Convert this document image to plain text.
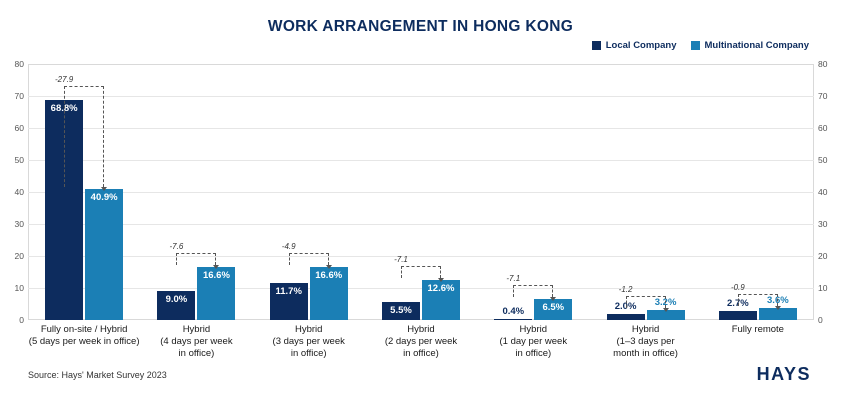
WORK ARRANGEMENT IN HONG KONG
Local Company	Multinational Company
0
10
20
30
40
50
60
70
80
0
10
20
30
40
50
60
70
80
68.8%
40.9%
-27.9
9.0%
16.6%
-7.6
11.7%
16.6%
-4.9
5.5%
12.6%
-7.1
0.4%	6.5%
-7.1
2.0%	3.2%
-1.2
2.7%	3.6%
-0.9
Fully on-site / Hybrid
(5 days per week in office)
Hybrid
(4 days per week
in office)
Hybrid
(3 days per week
in office)
Hybrid
(2 days per week
in office)
Hybrid
(1 day per week
in office)
Hybrid
(1–3 days per
month in office)
Fully remote
Source: Hays' Market Survey 2023	HAYS
